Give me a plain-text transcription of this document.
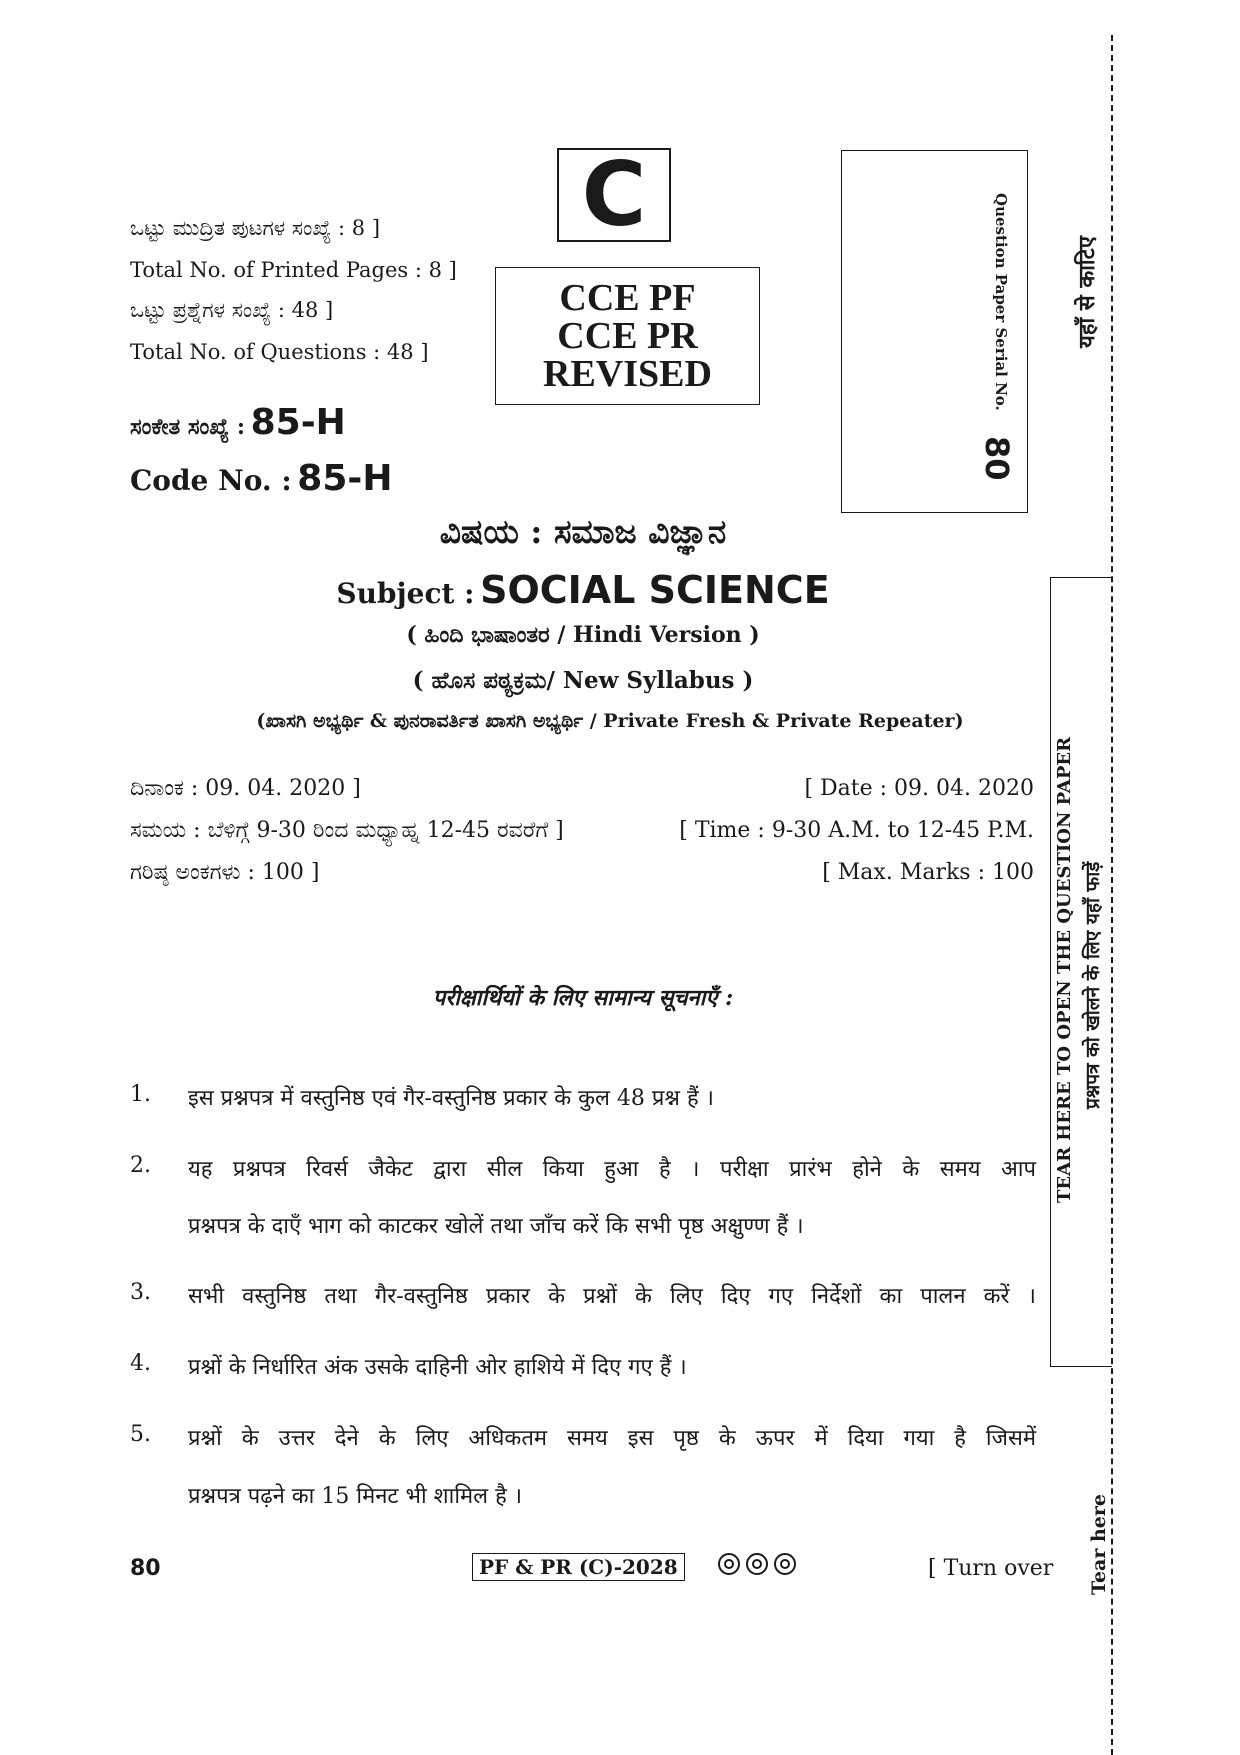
ಒಟ್ಟು ಮುದ್ರಿತ ಪುಟಗಳ ಸಂಖ್ಯೆ : 8 ]
Total No. of Printed Pages : 8 ]
ಒಟ್ಟು ಪ್ರಶ್ನೆಗಳ ಸಂಖ್ಯೆ : 48 ]
Total No. of Questions : 48 ]
ಸಂಕೇತ ಸಂಖ್ಯೆ : 85-H
Code No. : 85-H
C
CCE PF
CCE PR
REVISED	Question Paper Serial No.
80
ವಿಷಯ : ಸಮಾಜ ವಿಜ್ಞಾನ
Subject : SOCIAL SCIENCE
( ಹಿಂದಿ ಭಾಷಾಂತರ / Hindi Version )
( ಹೊಸ ಪಠ್ಯಕ್ರಮ/ New Syllabus )
(ಖಾಸಗಿ ಅಭ್ಯರ್ಥಿ & ಪುನರಾವರ್ತಿತ ಖಾಸಗಿ ಅಭ್ಯರ್ಥಿ / Private Fresh & Private Repeater)
ದಿನಾಂಕ : 09. 04. 2020 ]	[ Date : 09. 04. 2020
ಸಮಯ : ಬೆಳಿಗ್ಗೆ 9-30 ರಿಂದ ಮಧ್ಯಾಹ್ನ 12-45 ರವರೆಗೆ ]	[ Time : 9-30 A.M. to 12-45 P.M.
ಗರಿಷ್ಠ ಅಂಕಗಳು : 100 ]	[ Max. Marks : 100
परीक्षार्थियों के लिए सामान्य सूचनाएँ :
1. इस प्रश्नपत्र में वस्तुनिष्ठ एवं गैर-वस्तुनिष्ठ प्रकार के कुल 48 प्रश्न हैं ।
2. यह प्रश्नपत्र रिवर्स जैकेट द्वारा सील किया हुआ है । परीक्षा प्रारंभ होने के समय आप
प्रश्नपत्र के दाएँ भाग को काटकर खोलें तथा जाँच करें कि सभी पृष्ठ अक्षुण्ण हैं ।
3. सभी वस्तुनिष्ठ तथा गैर-वस्तुनिष्ठ प्रकार के प्रश्नों के लिए दिए गए निर्देशों का पालन करें ।
4. प्रश्नों के निर्धारित अंक उसके दाहिनी ओर हाशिये में दिए गए हैं ।
5. प्रश्नों के उत्तर देने के लिए अधिकतम समय इस पृष्ठ के ऊपर में दिया गया है जिसमें
प्रश्नपत्र पढ़ने का 15 मिनट भी शामिल है ।
80	PF & PR (C)-2028	[ Turn over
यहाँ से काटिए
TEAR HERE TO OPEN THE QUESTION PAPER प्रश्नपत्र को खोलने के लिए यहाँ फाड़ें
Tear here
